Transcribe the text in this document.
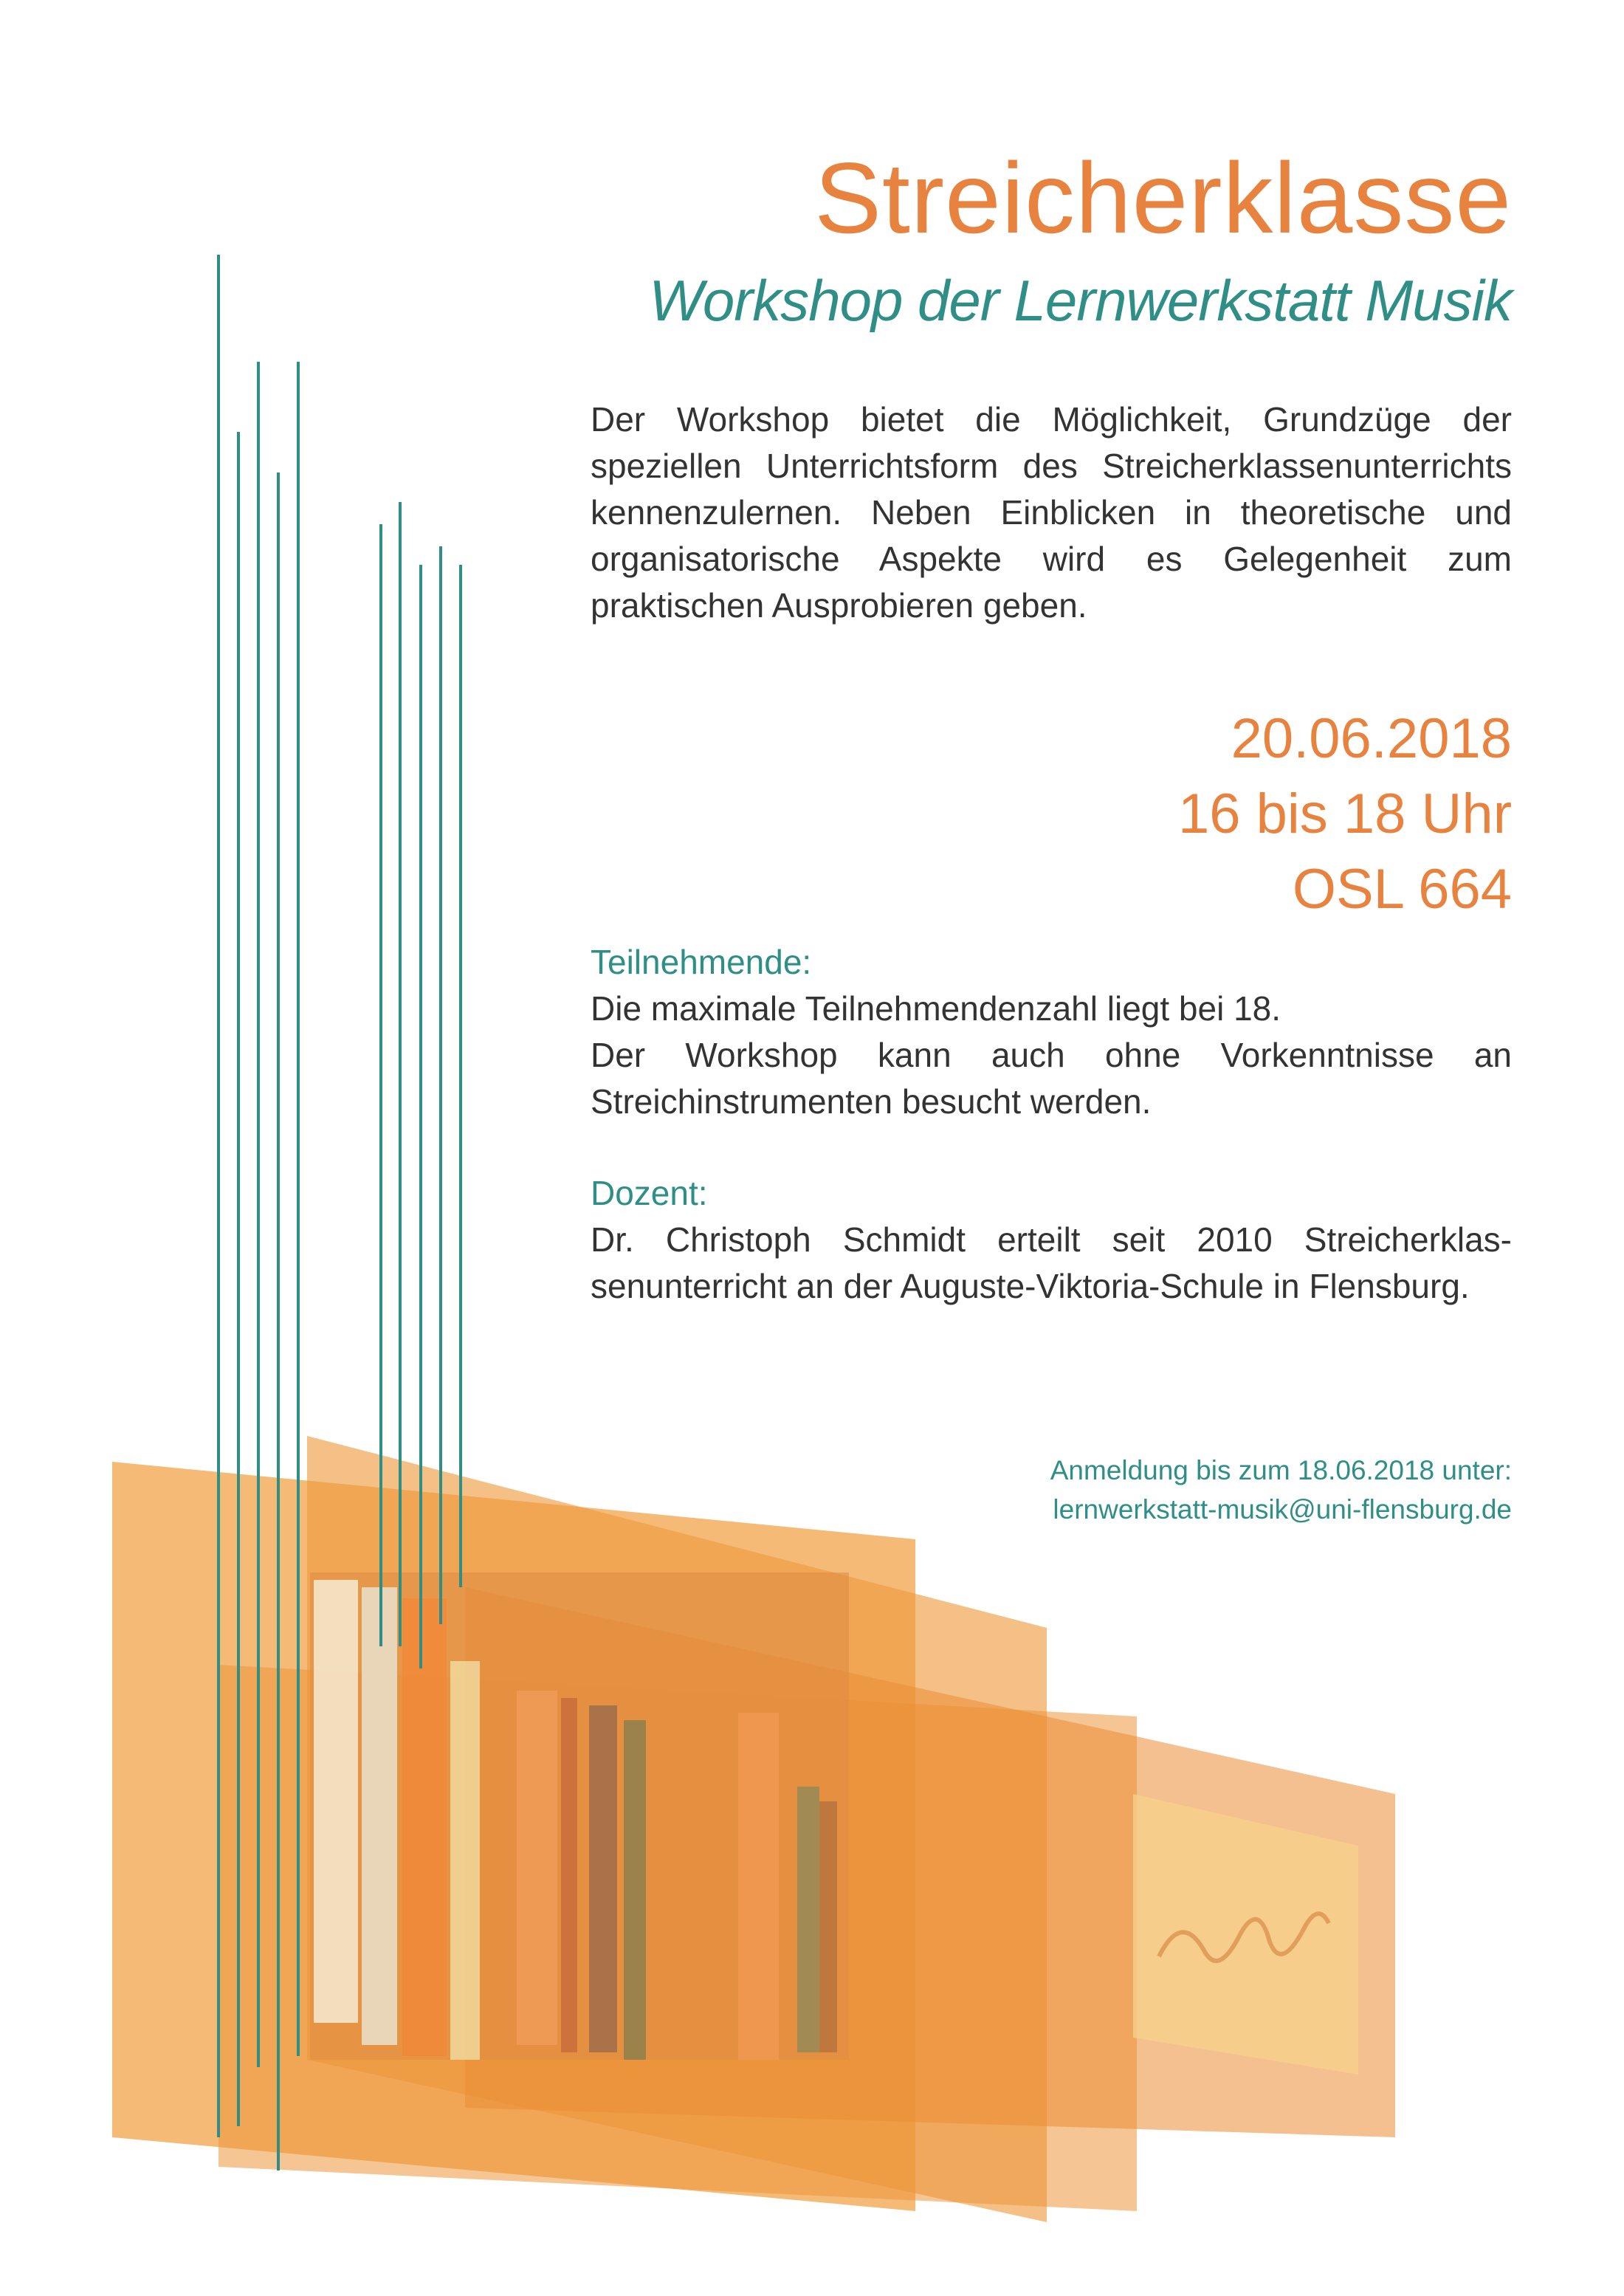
Streicherklasse
Workshop der Lernwerkstatt Musik
Der Workshop bietet die Möglichkeit, Grundzüge der speziellen Unterrichtsform des Streicherklassenunterrichts kennenzulernen. Neben Einblicken in theoretische und organisatorische Aspekte wird es Gelegenheit zum praktischen Ausprobieren geben.
20.06.2018
16 bis 18 Uhr
OSL 664
Teilnehmende:
Die maximale Teilnehmendenzahl liegt bei 18.
Der Workshop kann auch ohne Vorkenntnisse an Streichinstrumenten besucht werden.
Dozent:
Dr. Christoph Schmidt erteilt seit 2010 Streicherklassenunterricht an der Auguste-Viktoria-Schule in Flensburg.
Anmeldung bis zum 18.06.2018 unter:
lernwerkstatt-musik@uni-flensburg.de
